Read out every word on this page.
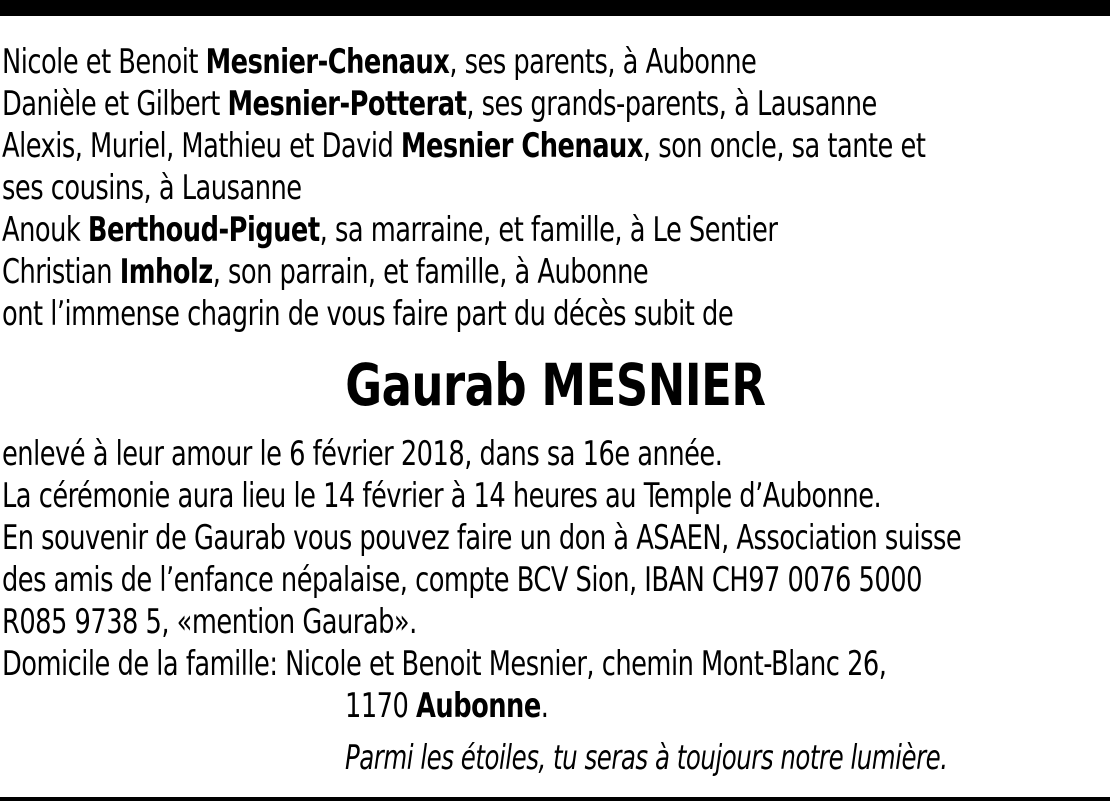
Nicole et Benoit Mesnier-Chenaux, ses parents, à Aubonne
Danièle et Gilbert Mesnier-Potterat, ses grands-parents, à Lausanne
Alexis, Muriel, Mathieu et David Mesnier Chenaux, son oncle, sa tante et
ses cousins, à Lausanne
Anouk Berthoud-Piguet, sa marraine, et famille, à Le Sentier
Christian Imholz, son parrain, et famille, à Aubonne
ont l’immense chagrin de vous faire part du décès subit de
Gaurab MESNIER
enlevé à leur amour le 6 février 2018, dans sa 16e année.
La cérémonie aura lieu le 14 février à 14 heures au Temple d’Aubonne.
En souvenir de Gaurab vous pouvez faire un don à ASAEN, Association suisse
des amis de l’enfance népalaise, compte BCV Sion, IBAN CH97 0076 5000
R085 9738 5, «mention Gaurab».
Domicile de la famille: Nicole et Benoit Mesnier, chemin Mont-Blanc 26,
1170 Aubonne.
Parmi les étoiles, tu seras à toujours notre lumière.
